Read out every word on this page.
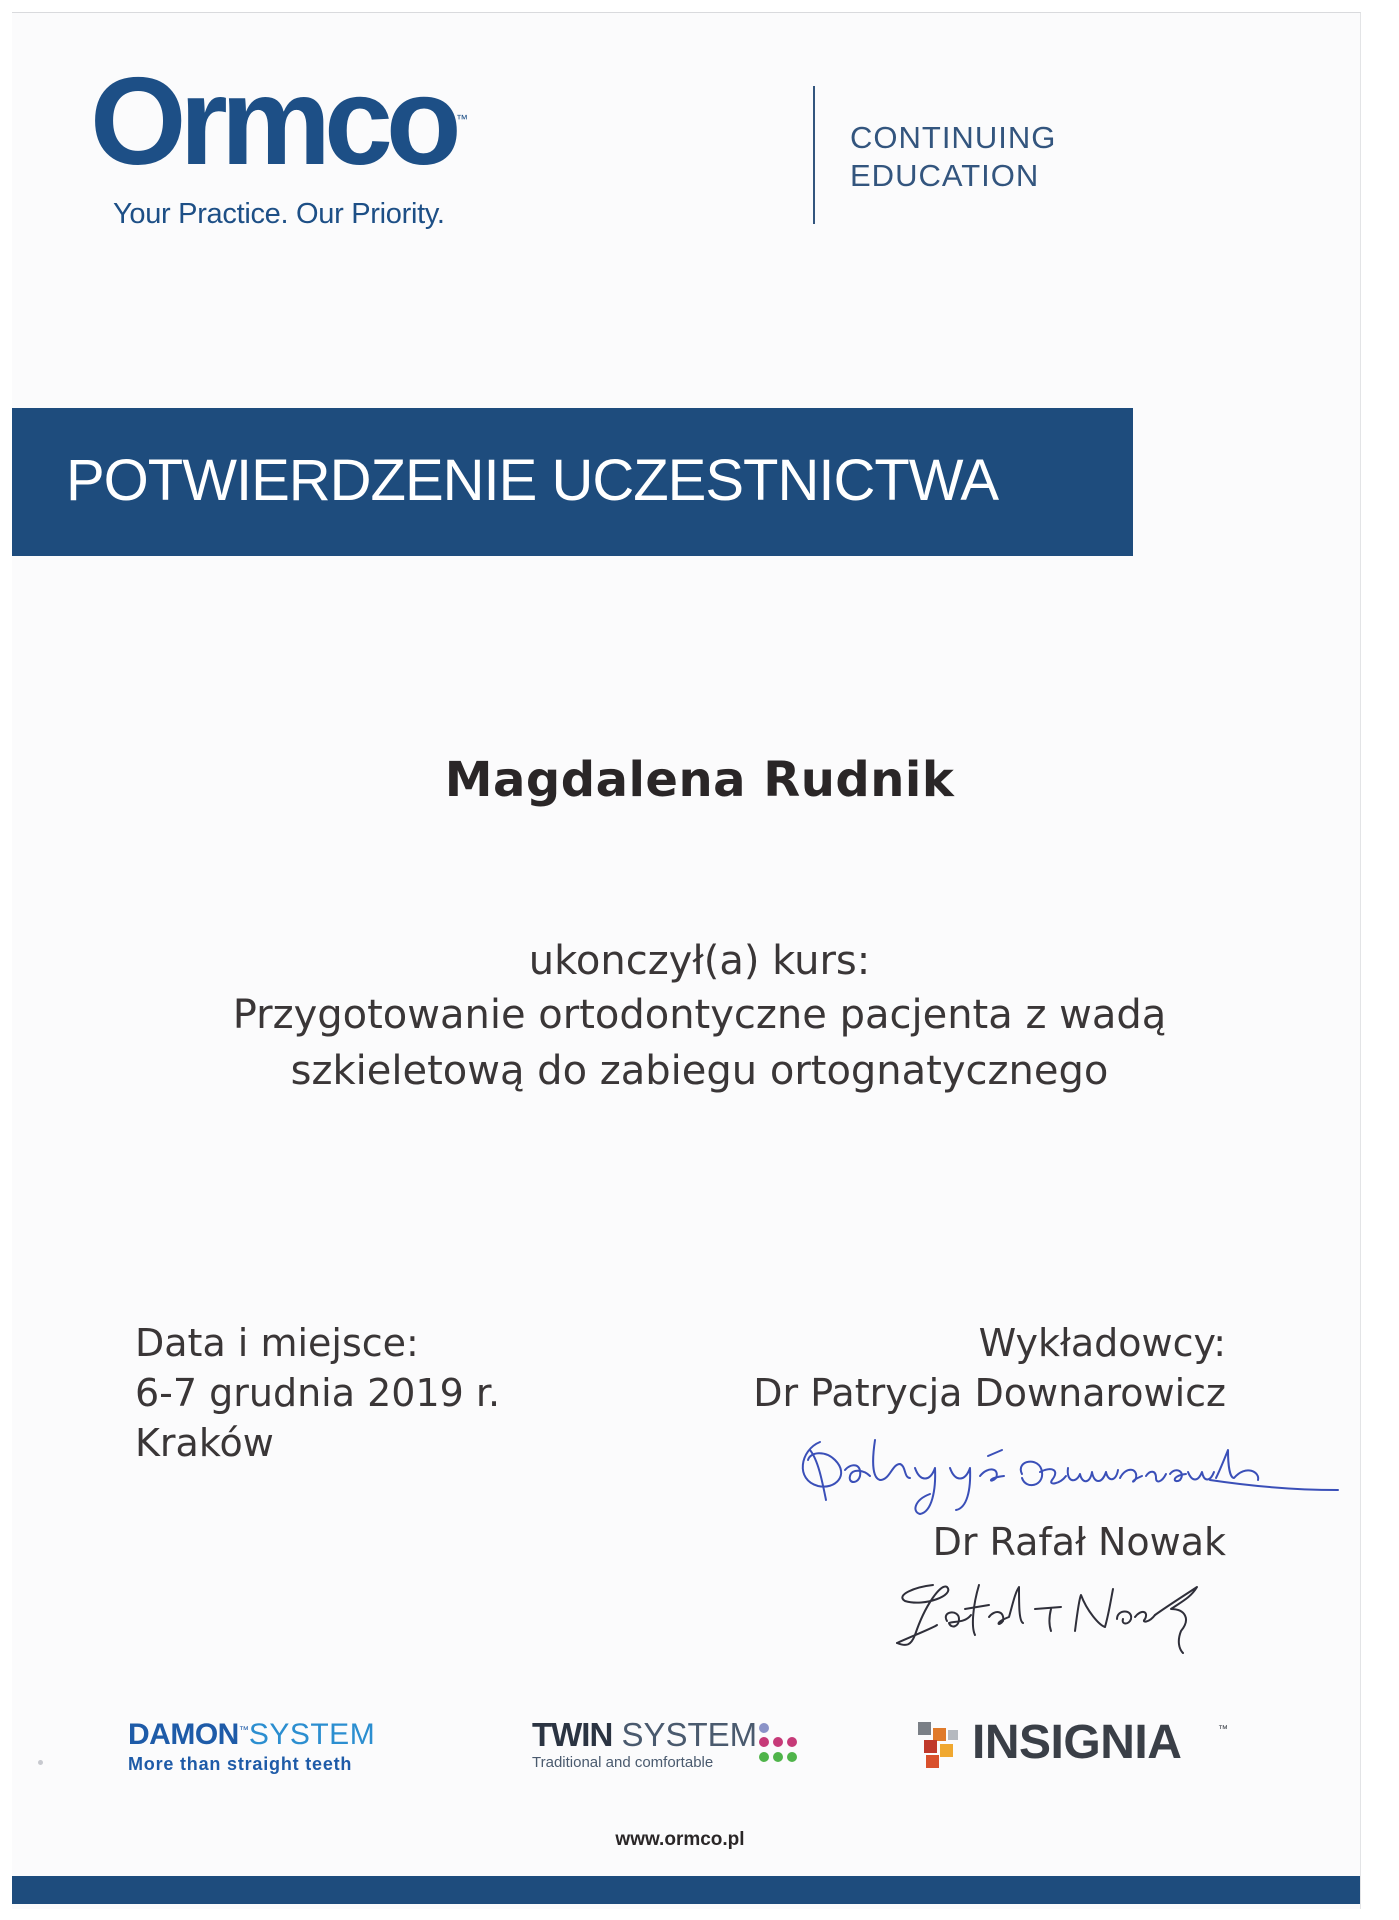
Ormco ™
Your Practice. Our Priority.
CONTINUING
EDUCATION
POTWIERDZENIE UCZESTNICTWA
Magdalena Rudnik
ukonczył(a) kurs:
Przygotowanie ortodontyczne pacjenta z wadą
szkieletową do zabiegu ortognatycznego
Data i miejsce:
6-7 grudnia 2019 r.
Kraków
Wykładowcy:
Dr Patrycja Downarowicz
Dr Rafał Nowak
DAMON™SYSTEM
More than straight teeth
TWIN SYSTEM
Traditional and comfortable	INSIGNIA	™
www.ormco.pl
